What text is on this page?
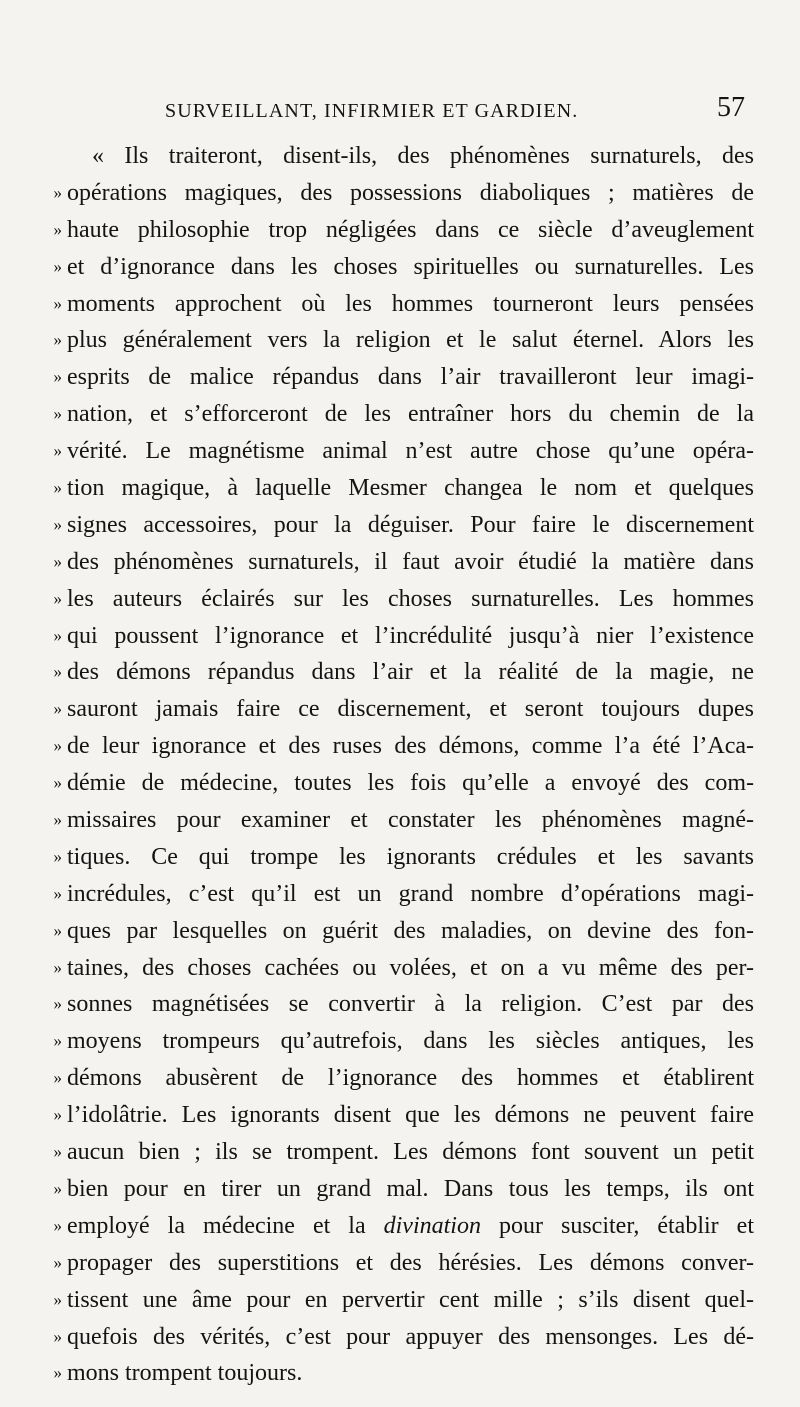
SURVEILLANT, INFIRMIER ET GARDIEN.	57
« Ils traiteront, disent-ils, des phénomènes surnaturels, des
» opérations magiques, des possessions diaboliques ; matières de
» haute philosophie trop négligées dans ce siècle d’aveuglement
» et d’ignorance dans les choses spirituelles ou surnaturelles. Les
» moments approchent où les hommes tourneront leurs pensées
» plus généralement vers la religion et le salut éternel. Alors les
» esprits de malice répandus dans l’air travailleront leur imagi-
» nation, et s’efforceront de les entraîner hors du chemin de la
» vérité. Le magnétisme animal n’est autre chose qu’une opéra-
» tion magique, à laquelle Mesmer changea le nom et quelques
» signes accessoires, pour la déguiser. Pour faire le discernement
» des phénomènes surnaturels, il faut avoir étudié la matière dans
» les auteurs éclairés sur les choses surnaturelles. Les hommes
» qui poussent l’ignorance et l’incrédulité jusqu’à nier l’existence
» des démons répandus dans l’air et la réalité de la magie, ne
» sauront jamais faire ce discernement, et seront toujours dupes
» de leur ignorance et des ruses des démons, comme l’a été l’Aca-
» démie de médecine, toutes les fois qu’elle a envoyé des com-
» missaires pour examiner et constater les phénomènes magné-
» tiques. Ce qui trompe les ignorants crédules et les savants
» incrédules, c’est qu’il est un grand nombre d’opérations magi-
» ques par lesquelles on guérit des maladies, on devine des fon-
» taines, des choses cachées ou volées, et on a vu même des per-
» sonnes magnétisées se convertir à la religion. C’est par des
» moyens trompeurs qu’autrefois, dans les siècles antiques, les
» démons abusèrent de l’ignorance des hommes et établirent
» l’idolâtrie. Les ignorants disent que les démons ne peuvent faire
» aucun bien ; ils se trompent. Les démons font souvent un petit
» bien pour en tirer un grand mal. Dans tous les temps, ils ont
» employé la médecine et la divination pour susciter, établir et
» propager des superstitions et des hérésies. Les démons conver-
» tissent une âme pour en pervertir cent mille ; s’ils disent quel-
» quefois des vérités, c’est pour appuyer des mensonges. Les dé-
» mons trompent toujours.
